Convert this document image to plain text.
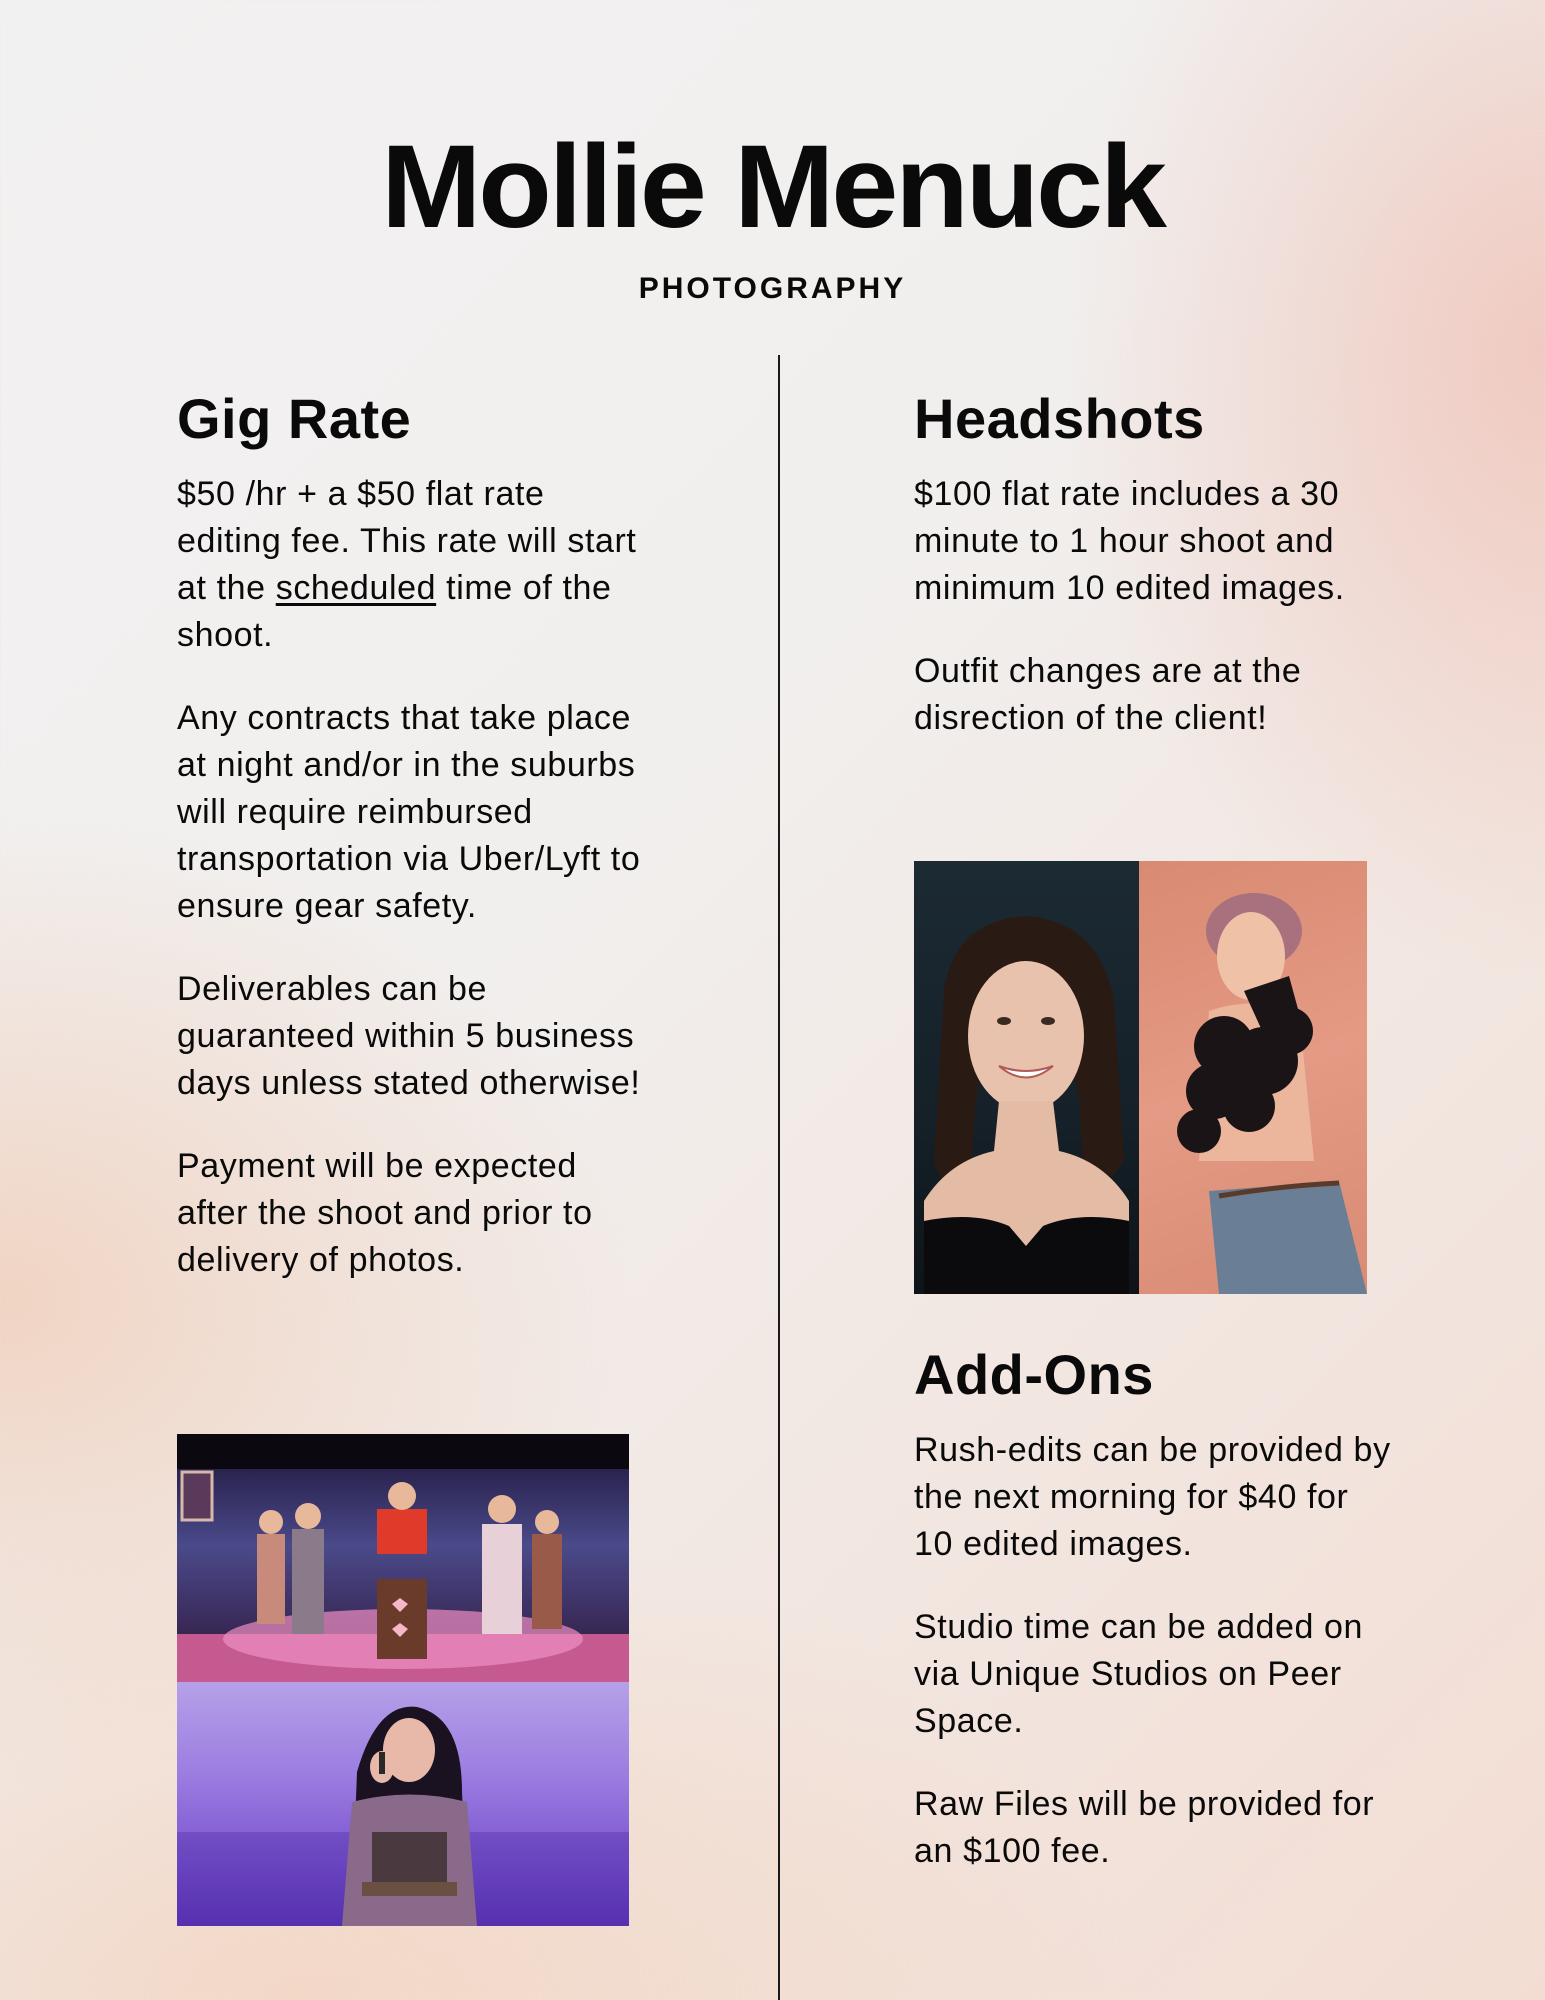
Mollie Menuck
PHOTOGRAPHY
Gig Rate

$50 /hr + a $50 flat rate editing fee. This rate will start at the scheduled time of the shoot.

Any contracts that take place at night and/or in the suburbs will require reimbursed transportation via Uber/Lyft to ensure gear safety.

Deliverables can be guaranteed within 5 business days unless stated otherwise!

Payment will be expected after the shoot and prior to delivery of photos.

Headshots

$100 flat rate includes a 30 minute to 1 hour shoot and minimum 10 edited images.

Outfit changes are at the disrection of the client!

Add-Ons

Rush-edits can be provided by the next morning for $40 for 10 edited images.

Studio time can be added on via Unique Studios on Peer Space.

Raw Files will be provided for an $100 fee.
